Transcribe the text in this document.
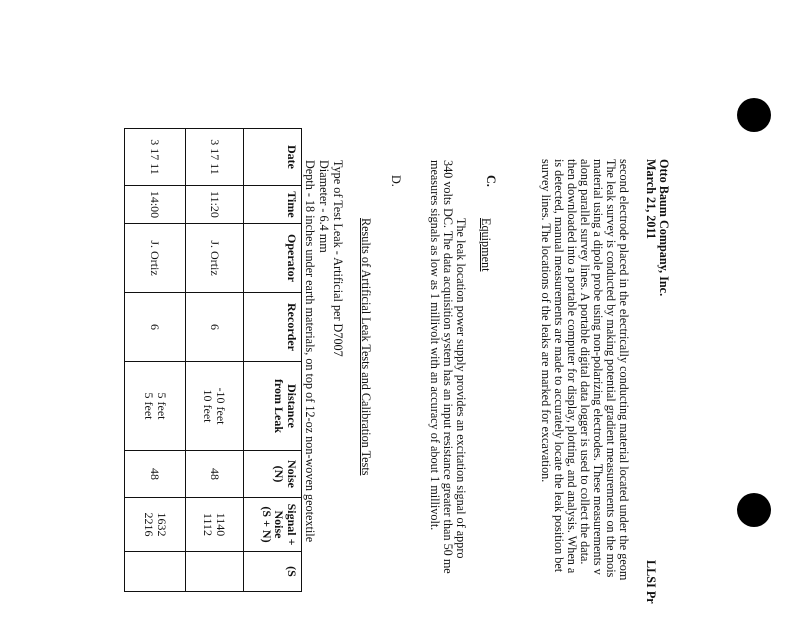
Otto Baum Company, Inc.
March 21, 2011
LLSI Pr
second electrode placed in the electrically conducting material located under the geom
The leak survey is conducted by making potential gradient measurements on the mois
material using a dipole probe using non-polarizing electrodes. These measurements v
along parallel survey lines. A portable digital data logger is used to collect the data.
then downloaded into a portable computer for display, plotting, and analysis. When a
is detected, manual measurements are made to accurately locate the leak position bet
survey lines. The locations of the leaks are marked for excavation.
C.
Equipment
The leak location power supply provides an excitation signal of appro
340 volts DC. The data acquisition system has an input resistance greater than 50 me
measures signals as low as 1 millivolt with an accuracy of about 1 millivolt.
D.
Results of Artificial Leak Tests and Calibration Tests
Type of Test Leak - Artificial per D7007
Diameter - 6.4 mm
Depth - 18 inches under earth materials, on top of 12-oz non-woven geotextile
Date	Time	Operator	Recorder	Distance
from Leak	Noise
(N)	Signal +
Noise
(S + N)	(S

3 17 11	11:20	J. Ortiz	6	-10 feet
10 feet	48	1140
1112	

3 17 11	14:00	J. Ortiz	6	5 feet
5 feet	48	1632
2216	
